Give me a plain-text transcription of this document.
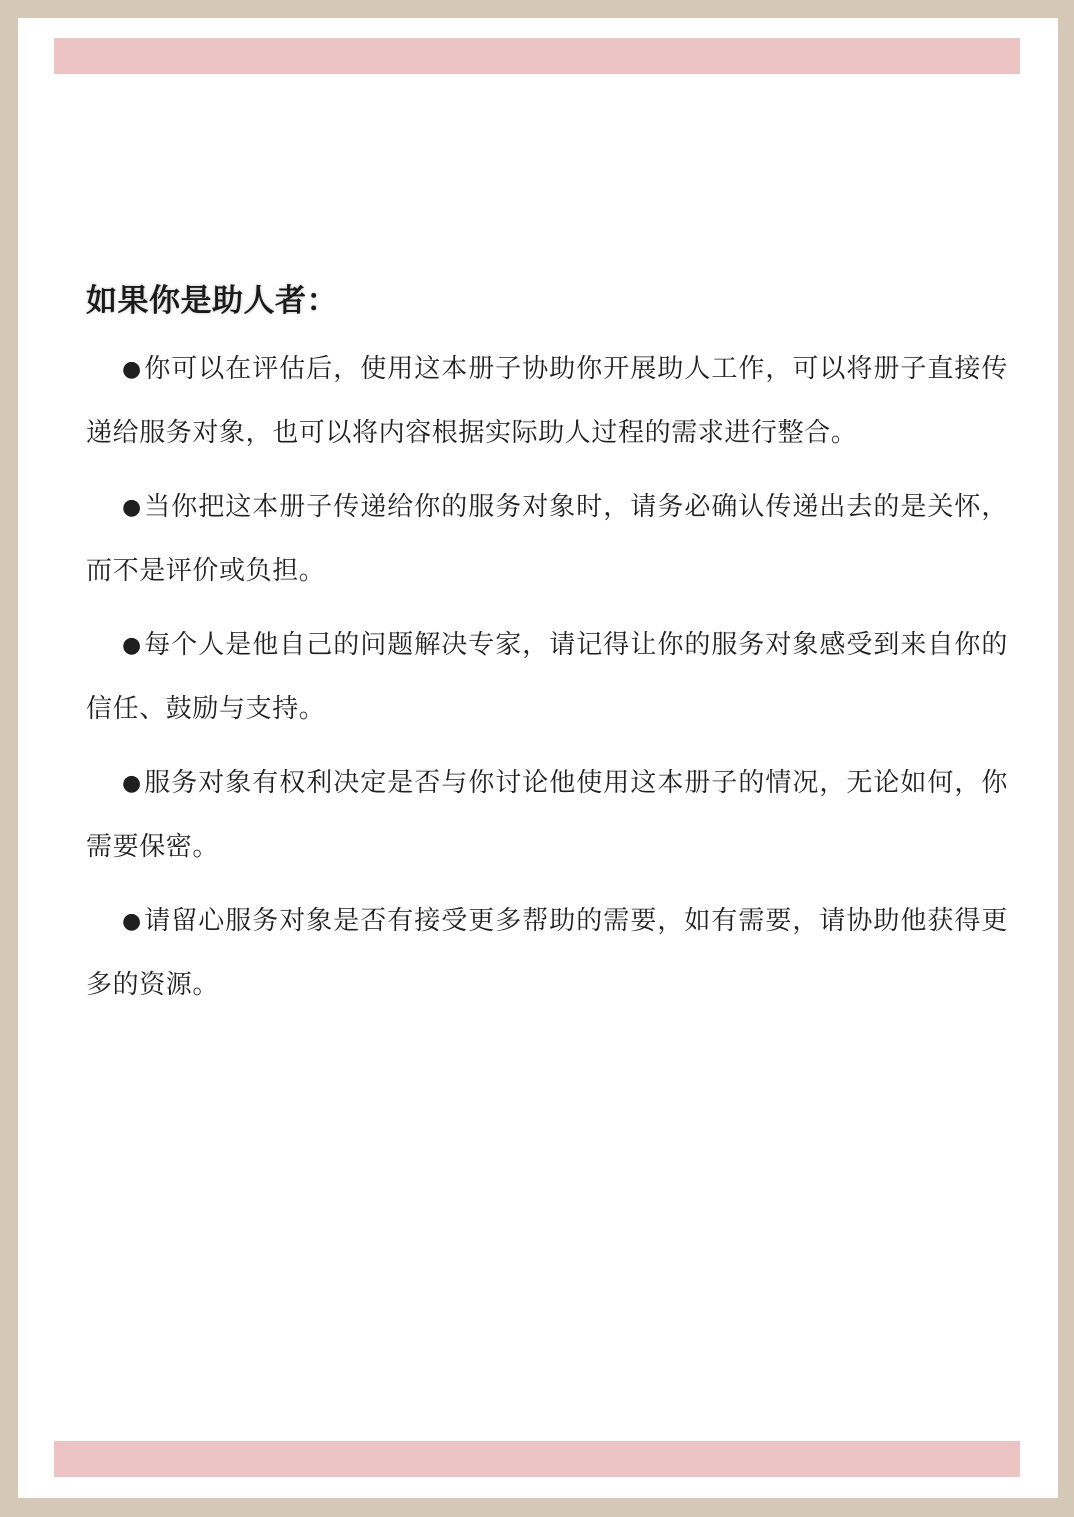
如果你是助人者：

●你可以在评估后，使用这本册子协助你开展助人工作，可以将册子直接传递给服务对象，也可以将内容根据实际助人过程的需求进行整合。

●当你把这本册子传递给你的服务对象时，请务必确认传递出去的是关怀，而不是评价或负担。

●每个人是他自己的问题解决专家，请记得让你的服务对象感受到来自你的信任、鼓励与支持。

●服务对象有权利决定是否与你讨论他使用这本册子的情况，无论如何，你需要保密。

●请留心服务对象是否有接受更多帮助的需要，如有需要，请协助他获得更多的资源。
